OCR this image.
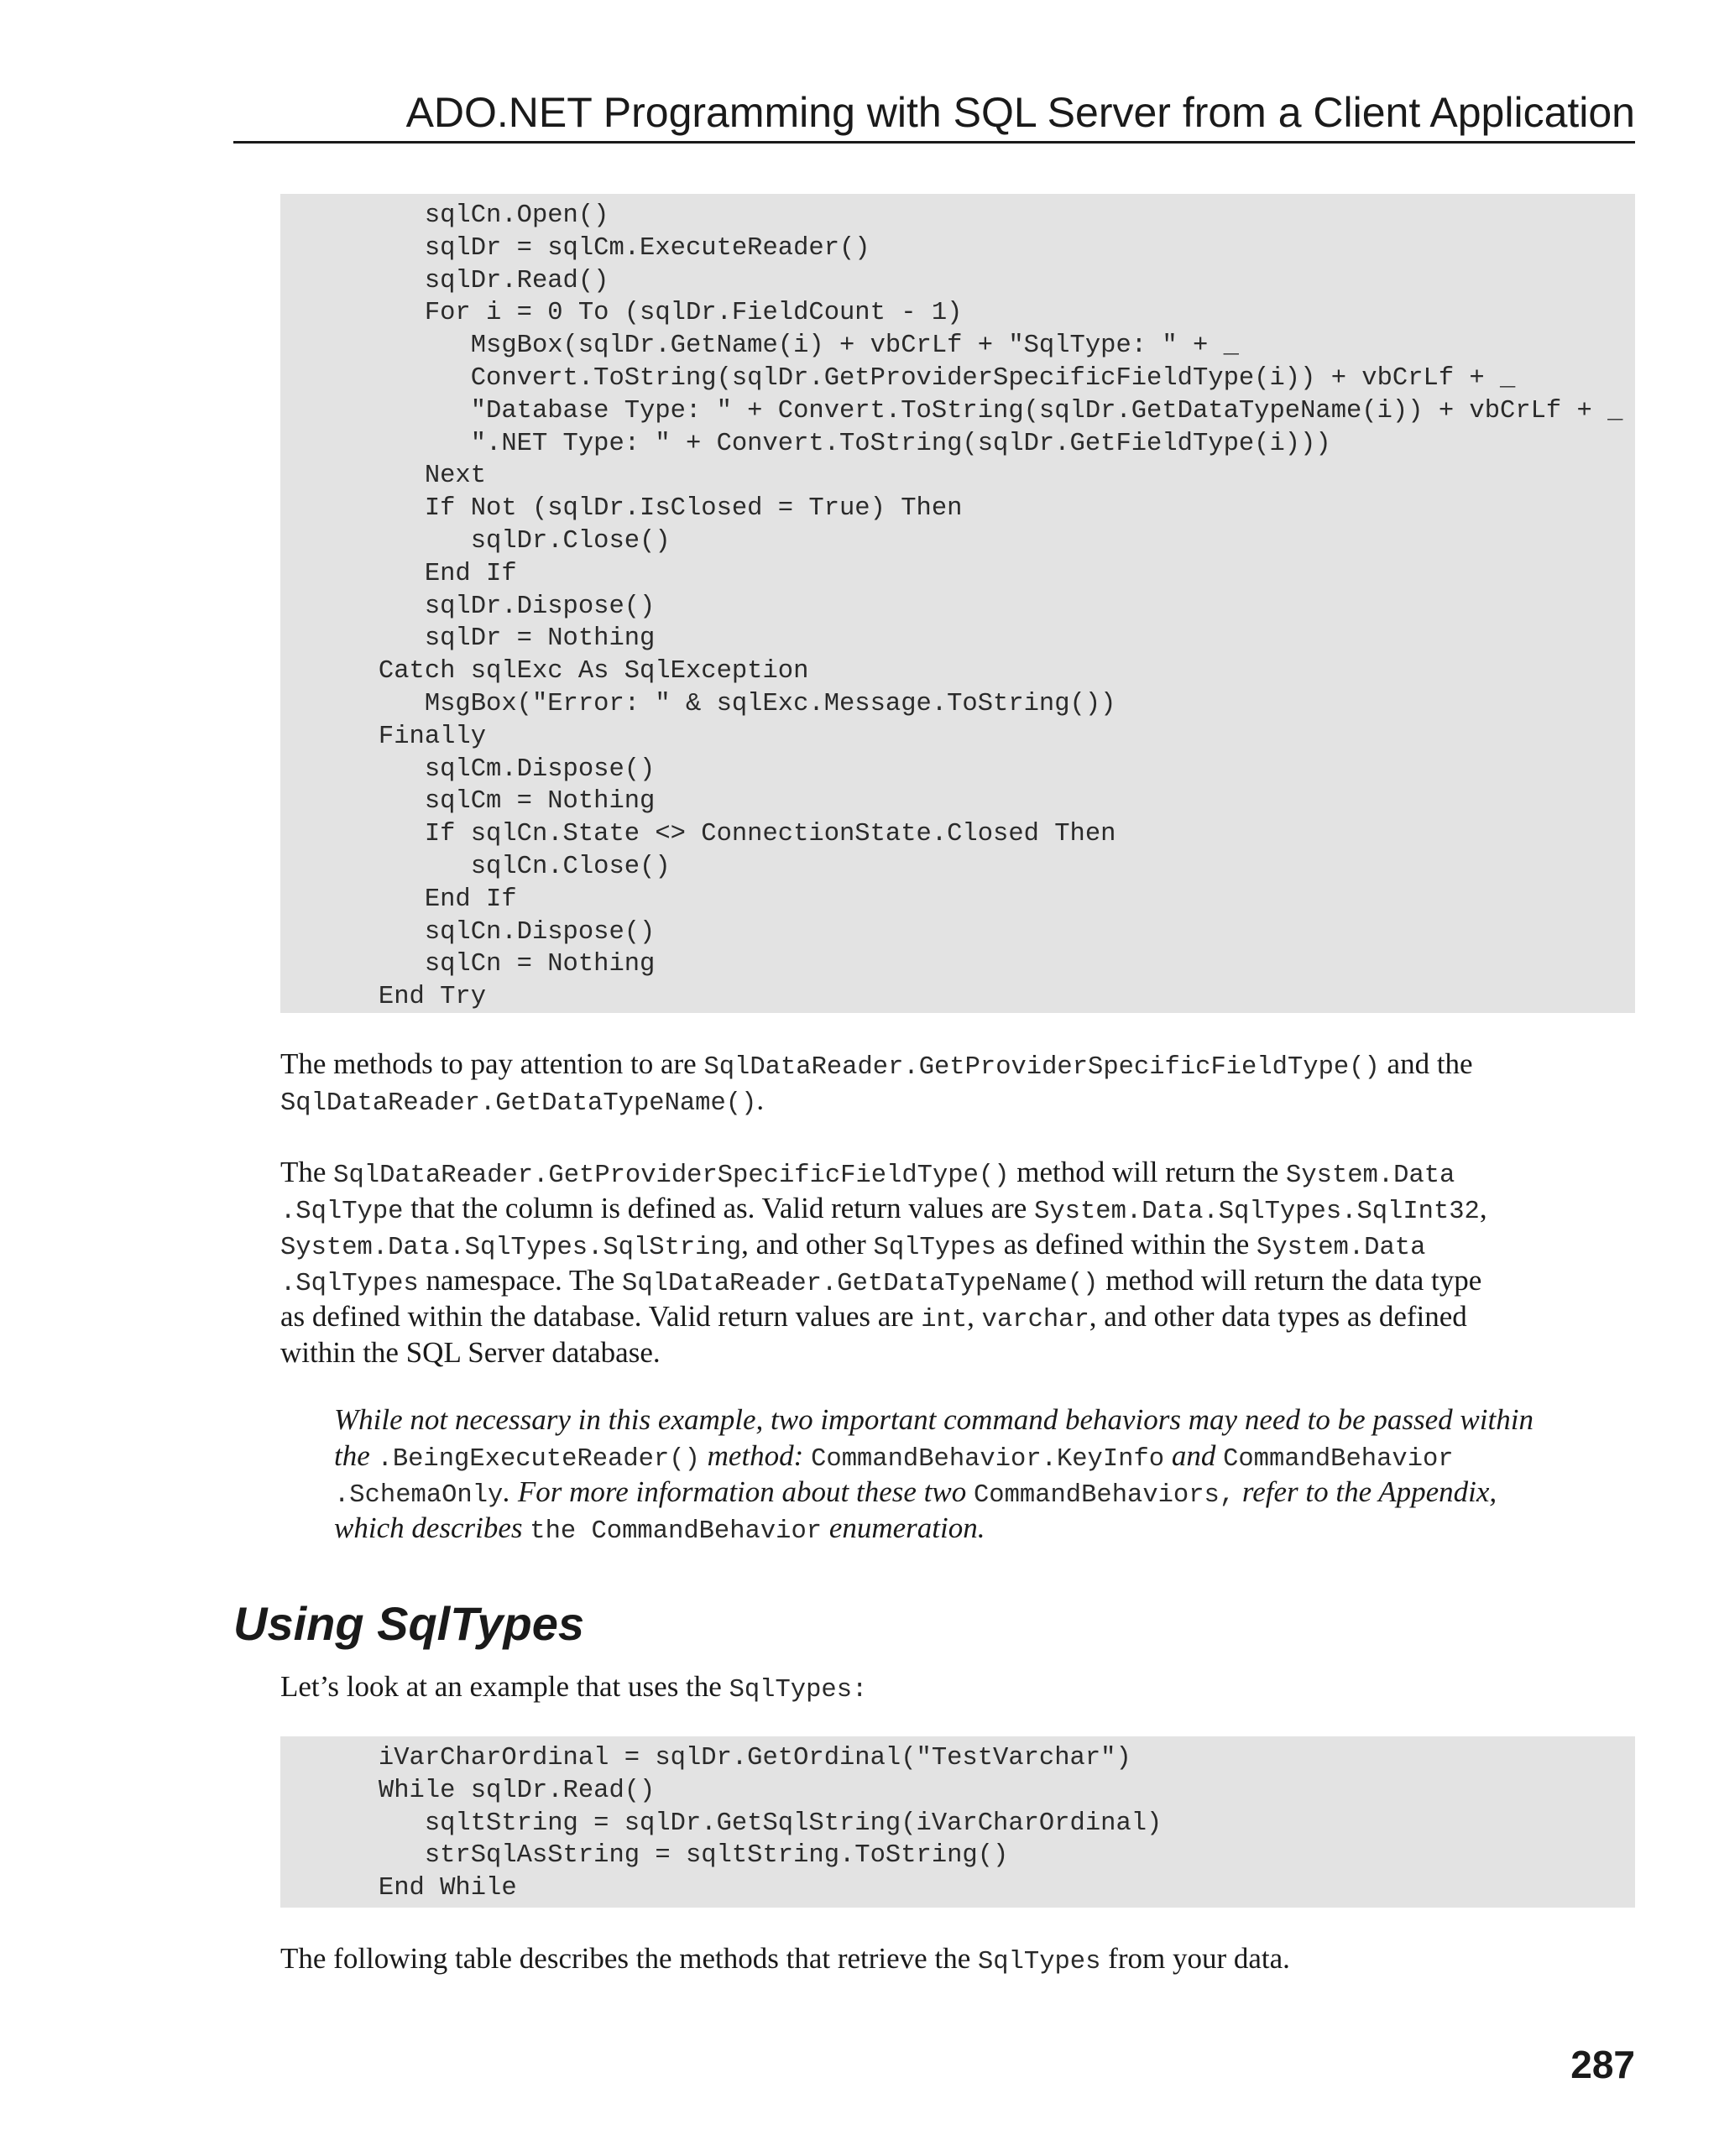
ADO.NET Programming with SQL Server from a Client Application
sqlCn.Open()
sqlDr = sqlCm.ExecuteReader()
sqlDr.Read()
For i = 0 To (sqlDr.FieldCount - 1)
MsgBox(sqlDr.GetName(i) + vbCrLf + "SqlType: " + _
Convert.ToString(sqlDr.GetProviderSpecificFieldType(i)) + vbCrLf + _
"Database Type: " + Convert.ToString(sqlDr.GetDataTypeName(i)) + vbCrLf + _
".NET Type: " + Convert.ToString(sqlDr.GetFieldType(i)))
Next
If Not (sqlDr.IsClosed = True) Then
sqlDr.Close()
End If
sqlDr.Dispose()
sqlDr = Nothing
Catch sqlExc As SqlException
MsgBox("Error: " & sqlExc.Message.ToString())
Finally
sqlCm.Dispose()
sqlCm = Nothing
If sqlCn.State <> ConnectionState.Closed Then
sqlCn.Close()
End If
sqlCn.Dispose()
sqlCn = Nothing
End Try
The methods to pay attention to are SqlDataReader.GetProviderSpecificFieldType() and the
SqlDataReader.GetDataTypeName().
The SqlDataReader.GetProviderSpecificFieldType() method will return the System.Data
.SqlType that the column is defined as. Valid return values are System.Data.SqlTypes.SqlInt32,
System.Data.SqlTypes.SqlString, and other SqlTypes as defined within the System.Data
.SqlTypes namespace. The SqlDataReader.GetDataTypeName() method will return the data type
as defined within the database. Valid return values are int, varchar, and other data types as defined
within the SQL Server database.
While not necessary in this example, two important command behaviors may need to be passed within
the .BeingExecuteReader() method: CommandBehavior.KeyInfo and CommandBehavior
.SchemaOnly. For more information about these two CommandBehaviors, refer to the Appendix,
which describes the CommandBehavior enumeration.
Using SqlTypes
Let’s look at an example that uses the SqlTypes:
iVarCharOrdinal = sqlDr.GetOrdinal("TestVarchar")
While sqlDr.Read()
sqltString = sqlDr.GetSqlString(iVarCharOrdinal)
strSqlAsString = sqltString.ToString()
End While
The following table describes the methods that retrieve the SqlTypes from your data.
287
